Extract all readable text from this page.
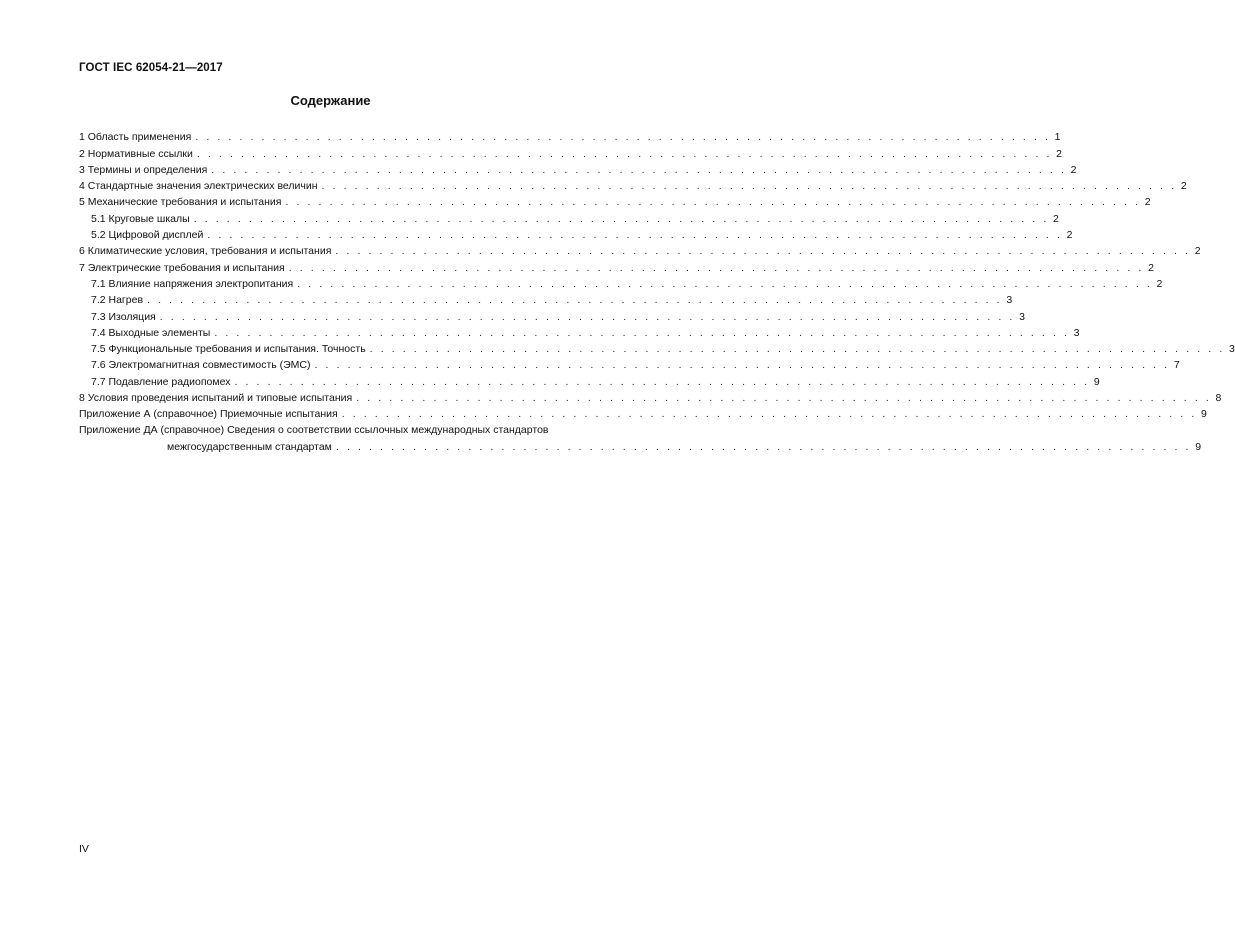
ГОСТ IEC 62054-21—2017
Содержание
1 Область применения . . . . . . . . . . . . . . . . . . . . . . . . . . . . . . . . . . . . . . . . . . . . . . . . . . . . . . . . . . . . . . . . . . . . . . . . . . . . . . 1
2 Нормативные ссылки . . . . . . . . . . . . . . . . . . . . . . . . . . . . . . . . . . . . . . . . . . . . . . . . . . . . . . . . . . . . . . . . . . . . . . . . . . . . . . 2
3 Термины и определения . . . . . . . . . . . . . . . . . . . . . . . . . . . . . . . . . . . . . . . . . . . . . . . . . . . . . . . . . . . . . . . . . . . . . . . . . . . . . . 2
4 Стандартные значения электрических величин . . . . . . . . . . . . . . . . . . . . . . . . . . . . . . . . . . . . . . . . . . . . . . . . . . . . . . . . . . . . . . . . . . . . . . . . . . . . . . 2
5 Механические требования и испытания . . . . . . . . . . . . . . . . . . . . . . . . . . . . . . . . . . . . . . . . . . . . . . . . . . . . . . . . . . . . . . . . . . . . . . . . . . . . . . 2
5.1 Круговые шкалы . . . . . . . . . . . . . . . . . . . . . . . . . . . . . . . . . . . . . . . . . . . . . . . . . . . . . . . . . . . . . . . . . . . . . . . . . . . . . . 2
5.2 Цифровой дисплей . . . . . . . . . . . . . . . . . . . . . . . . . . . . . . . . . . . . . . . . . . . . . . . . . . . . . . . . . . . . . . . . . . . . . . . . . . . . . . 2
6 Климатические условия, требования и испытания . . . . . . . . . . . . . . . . . . . . . . . . . . . . . . . . . . . . . . . . . . . . . . . . . . . . . . . . . . . . . . . . . . . . . . . . . . . . . . 2
7 Электрические требования и испытания . . . . . . . . . . . . . . . . . . . . . . . . . . . . . . . . . . . . . . . . . . . . . . . . . . . . . . . . . . . . . . . . . . . . . . . . . . . . . . 2
7.1 Влияние напряжения электропитания . . . . . . . . . . . . . . . . . . . . . . . . . . . . . . . . . . . . . . . . . . . . . . . . . . . . . . . . . . . . . . . . . . . . . . . . . . . . . . 2
7.2 Нагрев . . . . . . . . . . . . . . . . . . . . . . . . . . . . . . . . . . . . . . . . . . . . . . . . . . . . . . . . . . . . . . . . . . . . . . . . . . . . . . 3
7.3 Изоляция . . . . . . . . . . . . . . . . . . . . . . . . . . . . . . . . . . . . . . . . . . . . . . . . . . . . . . . . . . . . . . . . . . . . . . . . . . . . . . 3
7.4 Выходные элементы . . . . . . . . . . . . . . . . . . . . . . . . . . . . . . . . . . . . . . . . . . . . . . . . . . . . . . . . . . . . . . . . . . . . . . . . . . . . . . 3
7.5 Функциональные требования и испытания. Точность . . . . . . . . . . . . . . . . . . . . . . . . . . . . . . . . . . . . . . . . . . . . . . . . . . . . . . . . . . . . . . . . . . . . . . . . . . . . . . 3
7.6 Электромагнитная совместимость (ЭМС) . . . . . . . . . . . . . . . . . . . . . . . . . . . . . . . . . . . . . . . . . . . . . . . . . . . . . . . . . . . . . . . . . . . . . . . . . . . . . . 7
7.7 Подавление радиопомех . . . . . . . . . . . . . . . . . . . . . . . . . . . . . . . . . . . . . . . . . . . . . . . . . . . . . . . . . . . . . . . . . . . . . . . . . . . . . . 9
8 Условия проведения испытаний и типовые испытания . . . . . . . . . . . . . . . . . . . . . . . . . . . . . . . . . . . . . . . . . . . . . . . . . . . . . . . . . . . . . . . . . . . . . . . . . . . . . . 8
Приложение А (справочное) Приемочные испытания . . . . . . . . . . . . . . . . . . . . . . . . . . . . . . . . . . . . . . . . . . . . . . . . . . . . . . . . . . . . . . . . . . . . . . . . . . . . . . 9
Приложение ДА (справочное) Сведения о соответствии ссылочных международных стандартов
межгосударственным стандартам . . . . . . . . . . . . . . . . . . . . . . . . . . . . . . . . . . . . . . . . . . . . . . . . . . . . . . . . . . . . . . . . . . . . . . . . . . . . . . 9
IV
